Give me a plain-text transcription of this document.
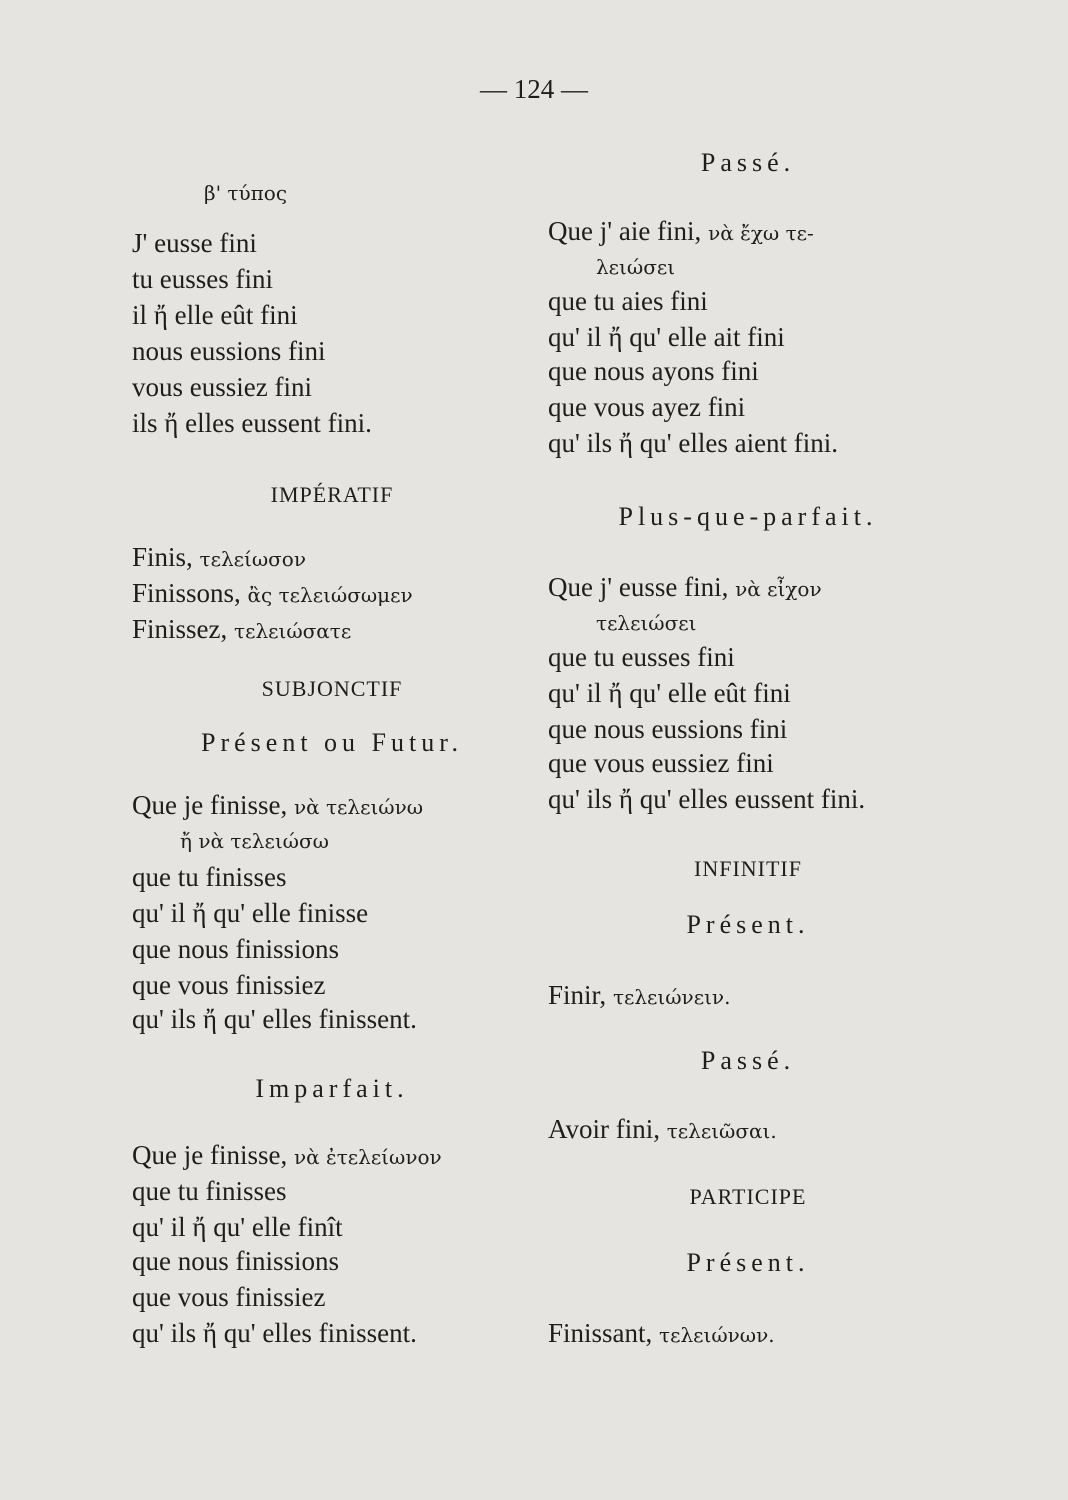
— 124 —
β' τύπος
J' eusse fini
tu eusses fini
il ἤ elle eût fini
nous eussions fini
vous eussiez fini
ils ἤ elles eussent fini.
IMPÉRATIF
Finis, τελείωσον
Finissons, ἂς τελειώσωμεν
Finissez, τελειώσατε
SUBJONCTIF
Présent ou Futur.
Que je finisse, νὰ τελειώνω
ἤ νὰ τελειώσω
que tu finisses
qu' il ἤ qu' elle finisse
que nous finissions
que vous finissiez
qu' ils ἤ qu' elles finissent.
Imparfait.
Que je finisse, νὰ ἐτελείωνον
que tu finisses
qu' il ἤ qu' elle finît
que nous finissions
que vous finissiez
qu' ils ἤ qu' elles finissent.
Passé.
Que j' aie fini, νὰ ἔχω τε-
λειώσει
que tu aies fini
qu' il ἤ qu' elle ait fini
que nous ayons fini
que vous ayez fini
qu' ils ἤ qu' elles aient fini.
Plus-que-parfait.
Que j' eusse fini, νὰ εἶχον
τελειώσει
que tu eusses fini
qu' il ἤ qu' elle eût fini
que nous eussions fini
que vous eussiez fini
qu' ils ἤ qu' elles eussent fini.
INFINITIF
Présent.
Finir, τελειώνειν.
Passé.
Avoir fini, τελειῶσαι.
PARTICIPE
Présent.
Finissant, τελειώνων.
